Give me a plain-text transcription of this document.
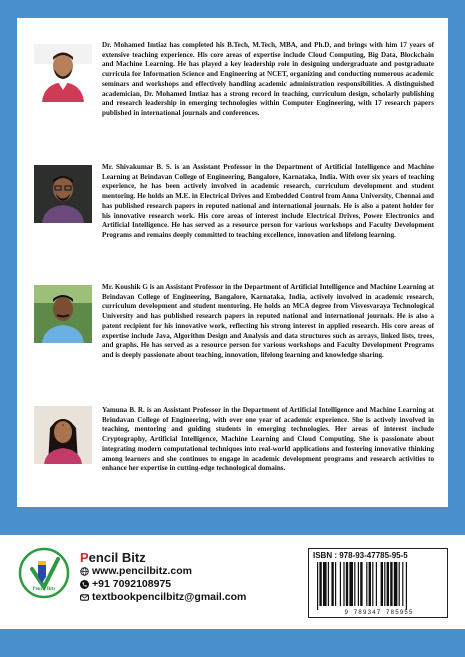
Dr. Mohamed Imtiaz has completed his B.Tech, M.Tech, MBA, and Ph.D, and brings with him 17 years of extensive teaching experience. His core areas of expertise include Cloud Computing, Big Data, Blockchain and Machine Learning. He has played a key leadership role in designing undergraduate and postgraduate curricula for Information Science and Engineering at NCET, organizing and conducting numerous academic seminars and workshops and effectively handling academic administration responsibilities. A distinguished academician, Dr. Mohamed Imtiaz has a strong record in teaching, curriculum design, scholarly publishing and research leadership in emerging technologies within Computer Engineering, with 17 research papers published in international journals and conferences.
Mr. Shivakumar B. S. is an Assistant Professor in the Department of Artificial Intelligence and Machine Learning at Brindavan College of Engineering, Bangalore, Karnataka, India. With over six years of teaching experience, he has been actively involved in academic research, curriculum development and student mentoring. He holds an M.E. in Electrical Drives and Embedded Control from Anna University, Chennai and has published research papers in reputed national and international journals. He is also a patent holder for his innovative research work. His core areas of interest include Electrical Drives, Power Electronics and Artificial Intelligence. He has served as a resource person for various workshops and Faculty Development Programs and remains deeply committed to teaching excellence, innovation and lifelong learning.
Mr. Koushik G is an Assistant Professor in the Department of Artificial Intelligence and Machine Learning at Brindavan College of Engineering, Bangalore, Karnataka, India, actively involved in academic research, curriculum development and student mentoring. He holds an MCA degree from Visvesvaraya Technological University and has published research papers in reputed national and international journals. He is also a patent recipient for his innovative work, reflecting his strong interest in applied research. His core areas of expertise include Java, Algorithm Design and Analysis and data structures such as arrays, linked lists, trees, and graphs. He has served as a resource person for various workshops and Faculty Development Programs and is deeply passionate about teaching, innovation, lifelong learning and knowledge sharing.
Yamuna B. R. is an Assistant Professor in the Department of Artificial Intelligence and Machine Learning at Brindavan College of Engineering, with over one year of academic experience. She is actively involved in teaching, mentoring and guiding students in emerging technologies. Her areas of interest include Cryptography, Artificial Intelligence, Machine Learning and Cloud Computing. She is passionate about integrating modern computational techniques into real-world applications and fostering innovative thinking among learners and she continues to engage in academic development programs and research activities to enhance her expertise in cutting-edge technological domains.
Pencil Bitz
Pencil Bitz
www.pencilbitz.com
+91 7092108975
textbookpencilbitz@gmail.com
ISBN : 978-93-47785-95-5
9 789347 785955
